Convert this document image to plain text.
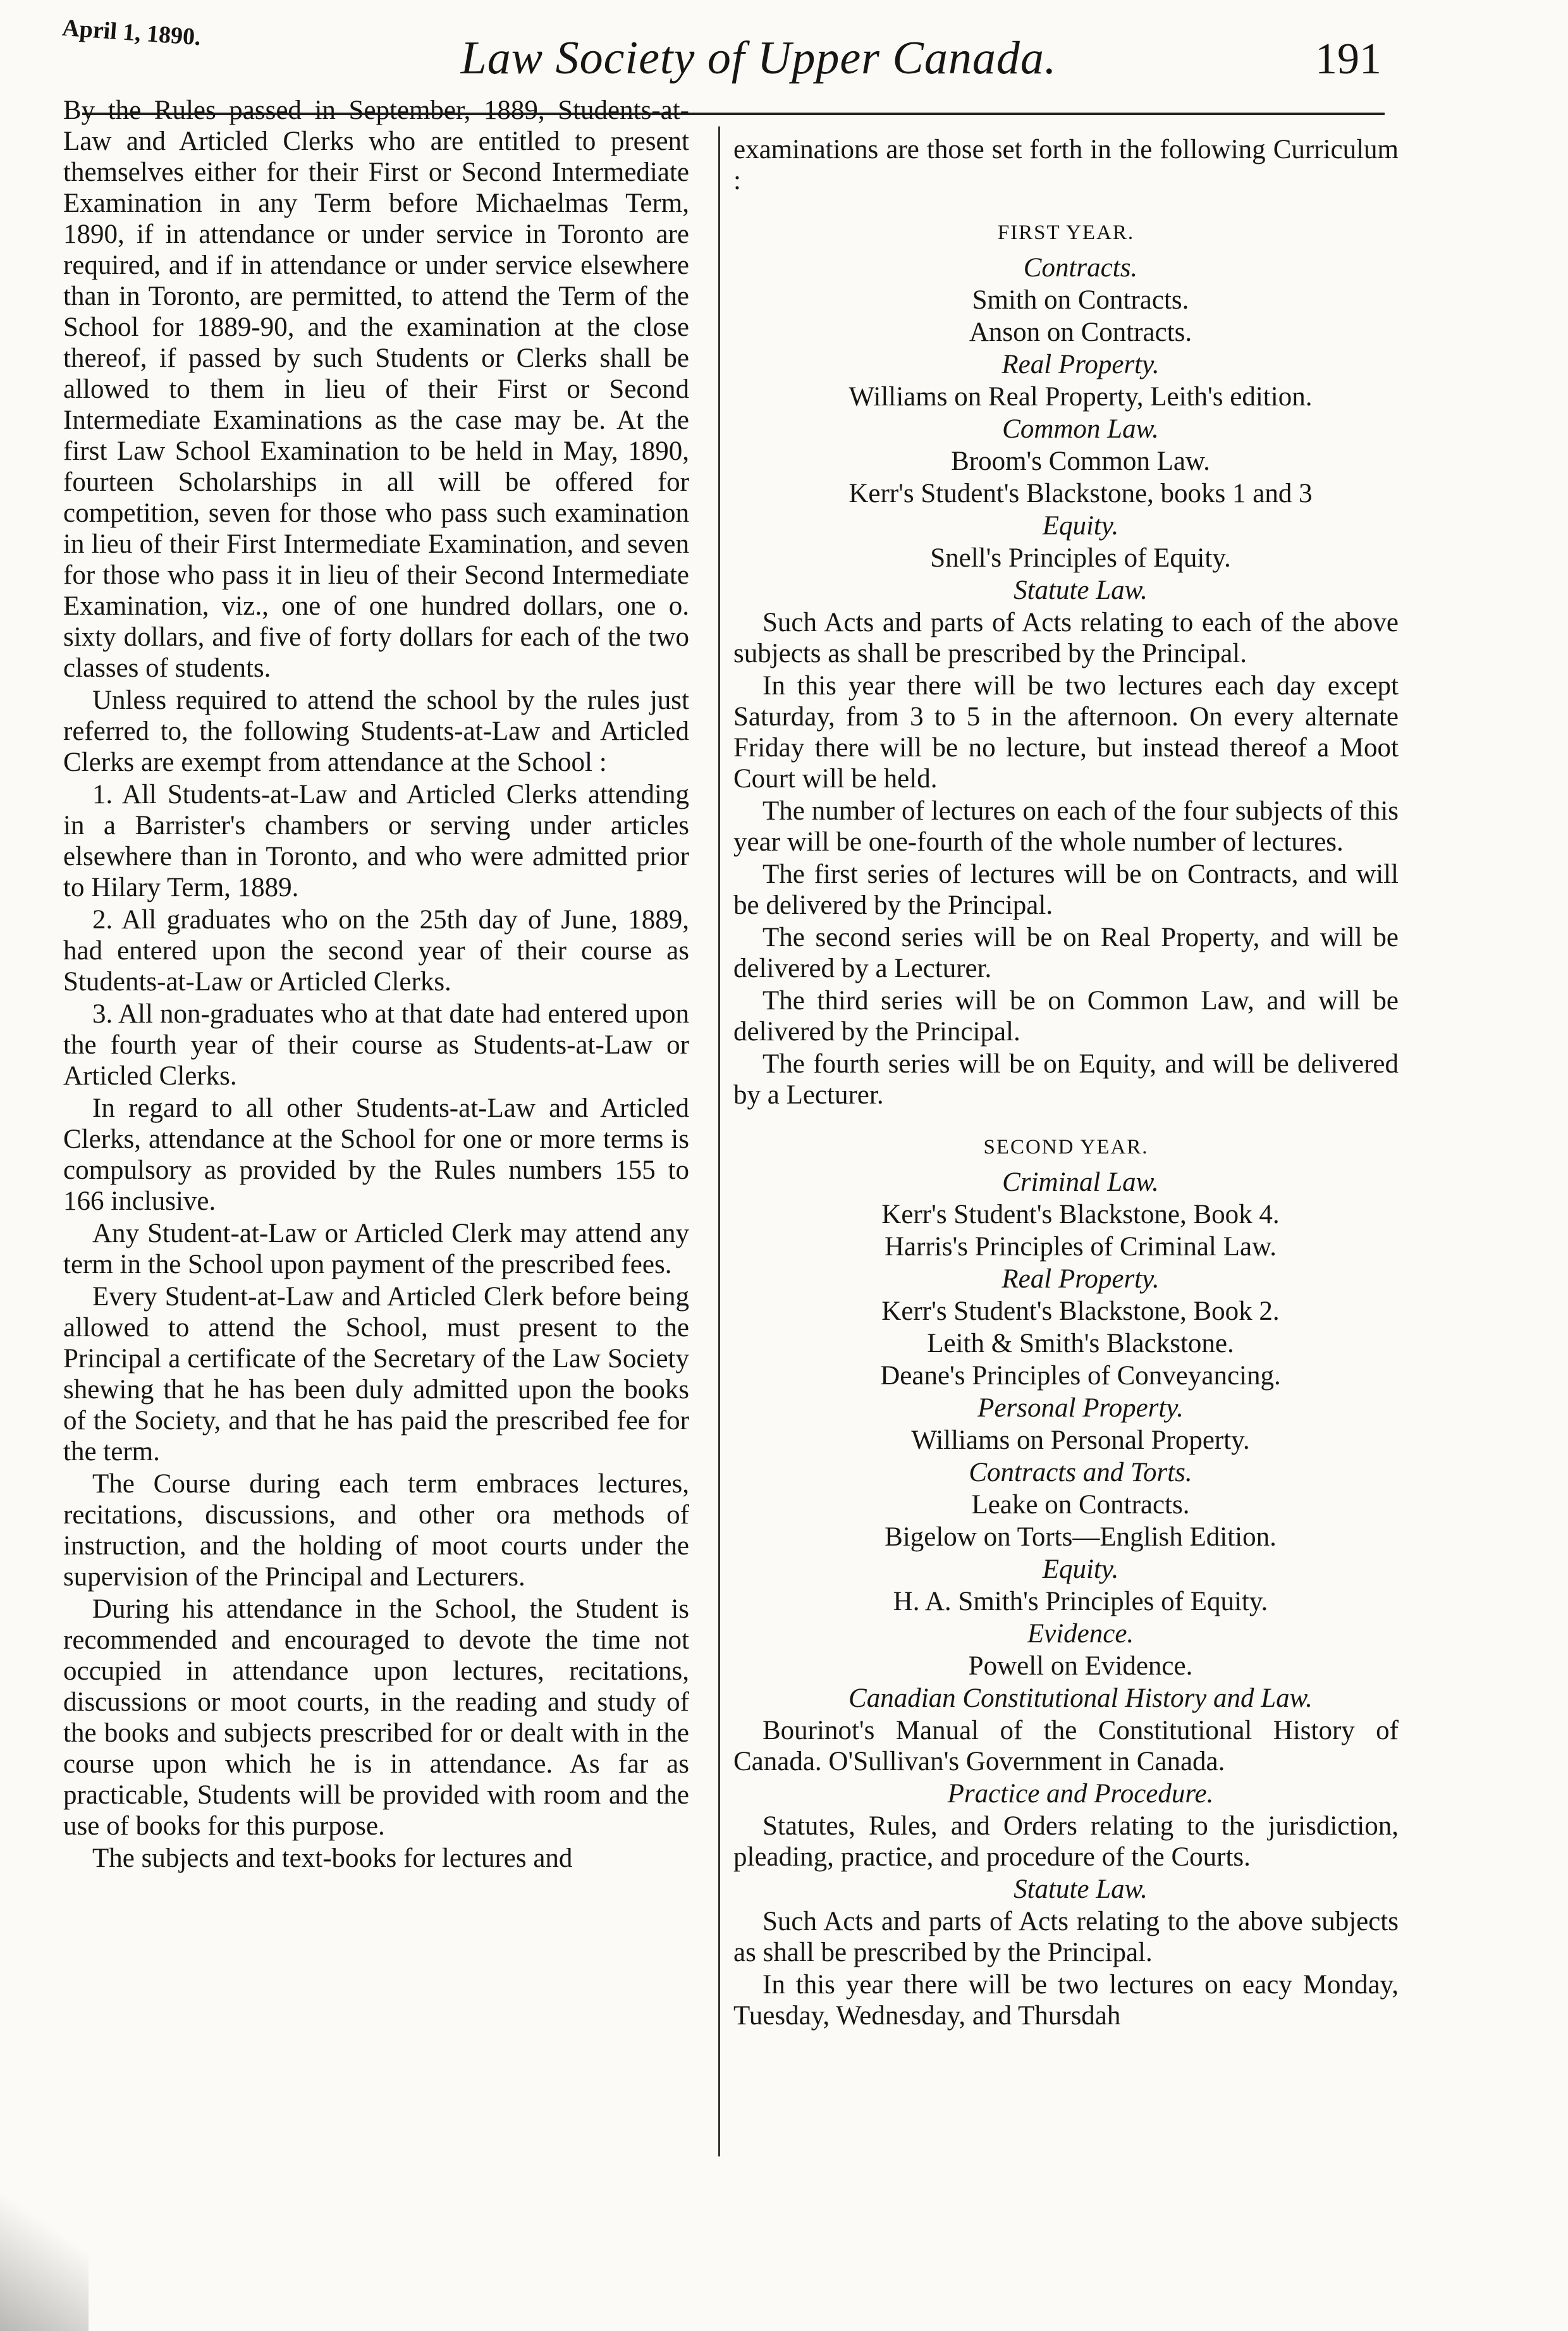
April 1, 1890.	Law Society of Upper Canada.	191

By the Rules passed in September, 1889, Students-at-Law and Articled Clerks who are entitled to present themselves either for their First or Second Intermediate Examination in any Term before Michaelmas Term, 1890, if in attendance or under service in Toronto are required, and if in attendance or under service elsewhere than in Toronto, are permitted, to attend the Term of the School for 1889-90, and the examination at the close thereof, if passed by such Students or Clerks shall be allowed to them in lieu of their First or Second Intermediate Examinations as the case may be. At the first Law School Examination to be held in May, 1890, fourteen Scholarships in all will be offered for competition, seven for those who pass such examination in lieu of their First Intermediate Examination, and seven for those who pass it in lieu of their Second Intermediate Examination, viz., one of one hundred dollars, one o. sixty dollars, and five of forty dollars for each of the two classes of students.

Unless required to attend the school by the rules just referred to, the following Students-at-Law and Articled Clerks are exempt from attendance at the School :

1. All Students-at-Law and Articled Clerks attending in a Barrister's chambers or serving under articles elsewhere than in Toronto, and who were admitted prior to Hilary Term, 1889.

2. All graduates who on the 25th day of June, 1889, had entered upon the second year of their course as Students-at-Law or Articled Clerks.

3. All non-graduates who at that date had entered upon the fourth year of their course as Students-at-Law or Articled Clerks.

In regard to all other Students-at-Law and Articled Clerks, attendance at the School for one or more terms is compulsory as provided by the Rules numbers 155 to 166 inclusive.

Any Student-at-Law or Articled Clerk may attend any term in the School upon payment of the prescribed fees.

Every Student-at-Law and Articled Clerk before being allowed to attend the School, must present to the Principal a certificate of the Secretary of the Law Society shewing that he has been duly admitted upon the books of the Society, and that he has paid the prescribed fee for the term.

The Course during each term embraces lectures, recitations, discussions, and other ora methods of instruction, and the holding of moot courts under the supervision of the Principal and Lecturers.

During his attendance in the School, the Student is recommended and encouraged to devote the time not occupied in attendance upon lectures, recitations, discussions or moot courts, in the reading and study of the books and subjects prescribed for or dealt with in the course upon which he is in attendance. As far as practicable, Students will be provided with room and the use of books for this purpose.

The subjects and text-books for lectures and

examinations are those set forth in the following Curriculum :

FIRST YEAR.

Contracts.

Smith on Contracts.

Anson on Contracts.

Real Property.

Williams on Real Property, Leith's edition.

Common Law.

Broom's Common Law.

Kerr's Student's Blackstone, books 1 and 3

Equity.

Snell's Principles of Equity.

Statute Law.

Such Acts and parts of Acts relating to each of the above subjects as shall be prescribed by the Principal.

In this year there will be two lectures each day except Saturday, from 3 to 5 in the afternoon. On every alternate Friday there will be no lecture, but instead thereof a Moot Court will be held.

The number of lectures on each of the four subjects of this year will be one-fourth of the whole number of lectures.

The first series of lectures will be on Contracts, and will be delivered by the Principal.

The second series will be on Real Property, and will be delivered by a Lecturer.

The third series will be on Common Law, and will be delivered by the Principal.

The fourth series will be on Equity, and will be delivered by a Lecturer.

SECOND YEAR.

Criminal Law.

Kerr's Student's Blackstone, Book 4.

Harris's Principles of Criminal Law.

Real Property.

Kerr's Student's Blackstone, Book 2.

Leith & Smith's Blackstone.

Deane's Principles of Conveyancing.

Personal Property.

Williams on Personal Property.

Contracts and Torts.

Leake on Contracts.

Bigelow on Torts—English Edition.

Equity.

H. A. Smith's Principles of Equity.

Evidence.

Powell on Evidence.

Canadian Constitutional History and Law.

Bourinot's Manual of the Constitutional History of Canada. O'Sullivan's Government in Canada.

Practice and Procedure.

Statutes, Rules, and Orders relating to the jurisdiction, pleading, practice, and procedure of the Courts.

Statute Law.

Such Acts and parts of Acts relating to the above subjects as shall be prescribed by the Principal.

In this year there will be two lectures on eacy Monday, Tuesday, Wednesday, and Thursdah
